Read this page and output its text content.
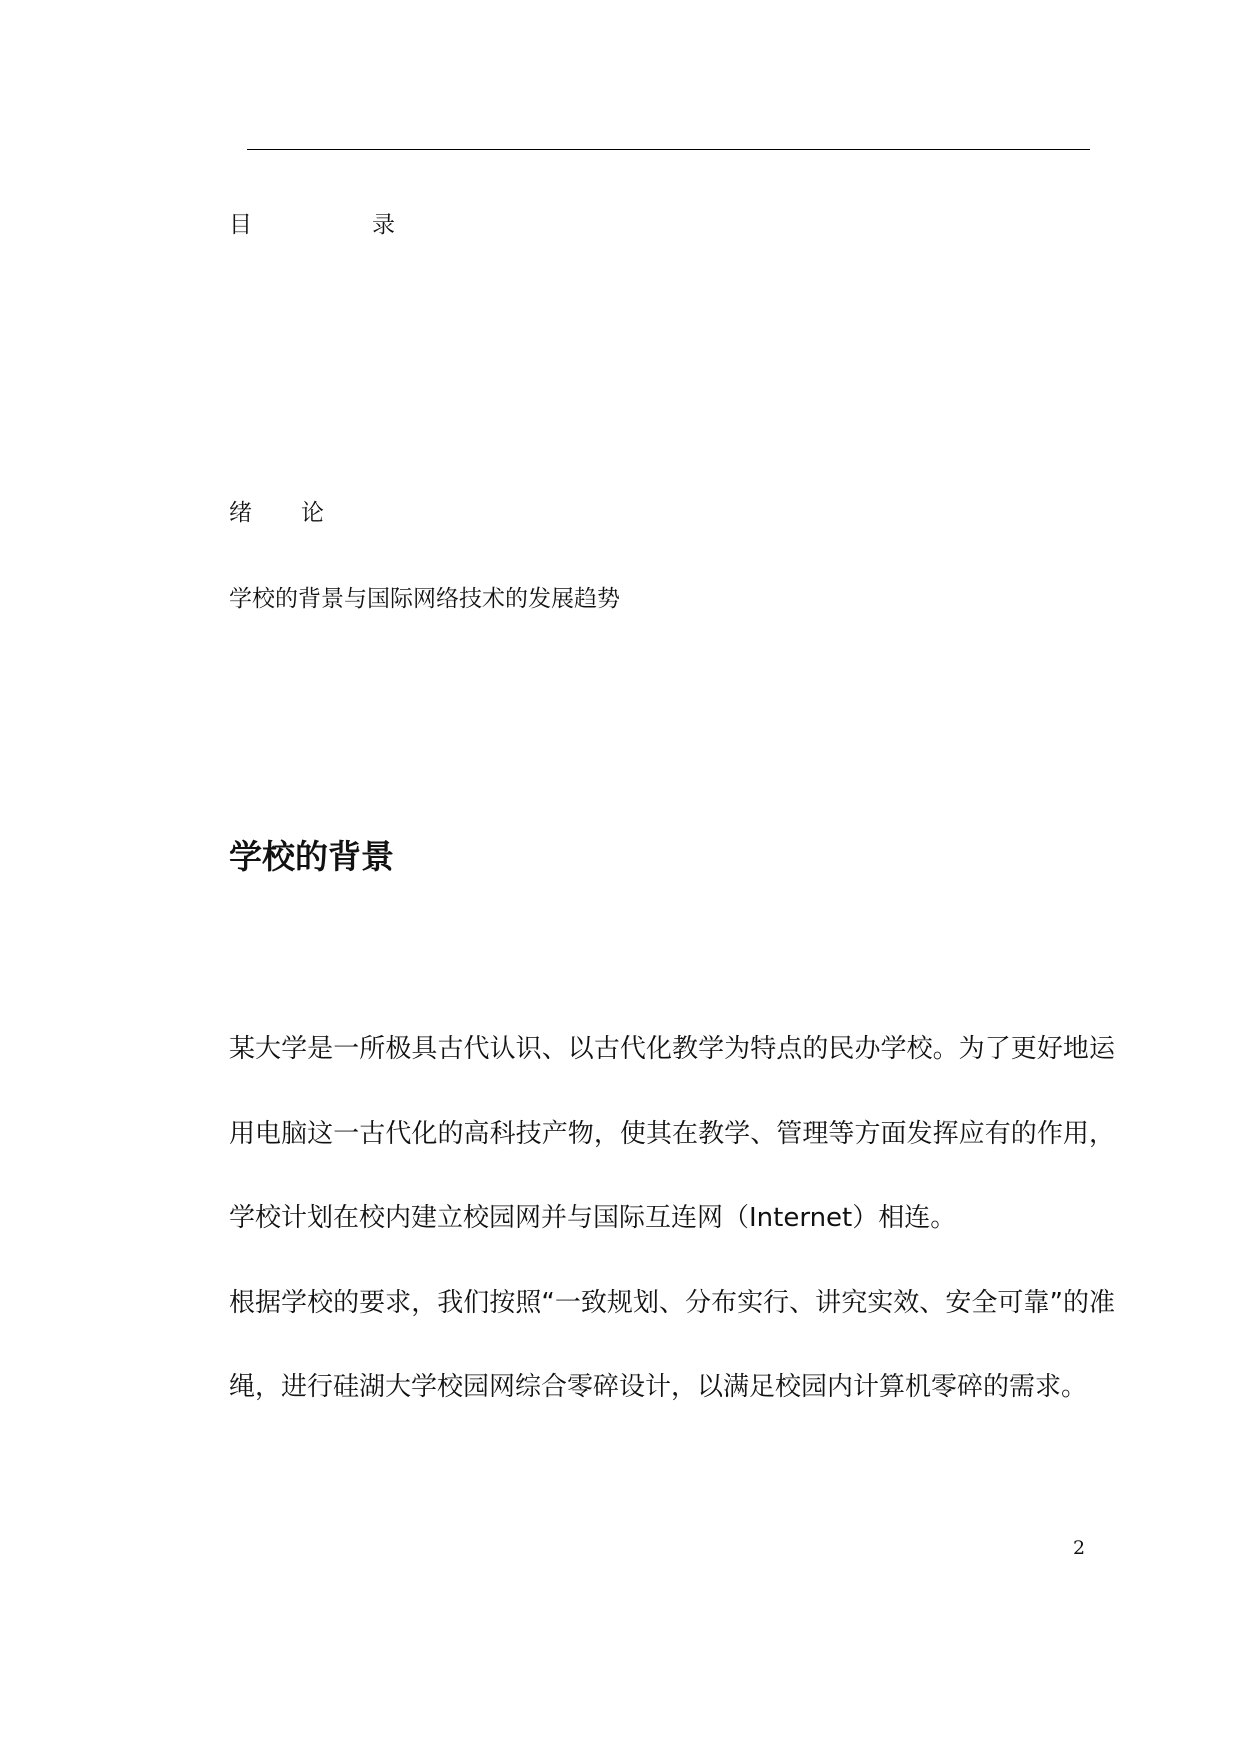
目

	录

绪 论
学校的背景与国际网络技术的发展趋势
学校的背景

某大学是一所极具古代认识、以古代化教学为特点的民办学校。为了更好地运用电脑这一古代化的高科技产物，使其在教学、管理等方面发挥应有的作用，学校计划在校内建立校园网并与国际互连网（Internet）相连。

根据学校的要求，我们按照“一致规划、分布实行、讲究实效、安全可靠”的准绳，进行硅湖大学校园网综合零碎设计，以满足校园内计算机零碎的需求。

2
